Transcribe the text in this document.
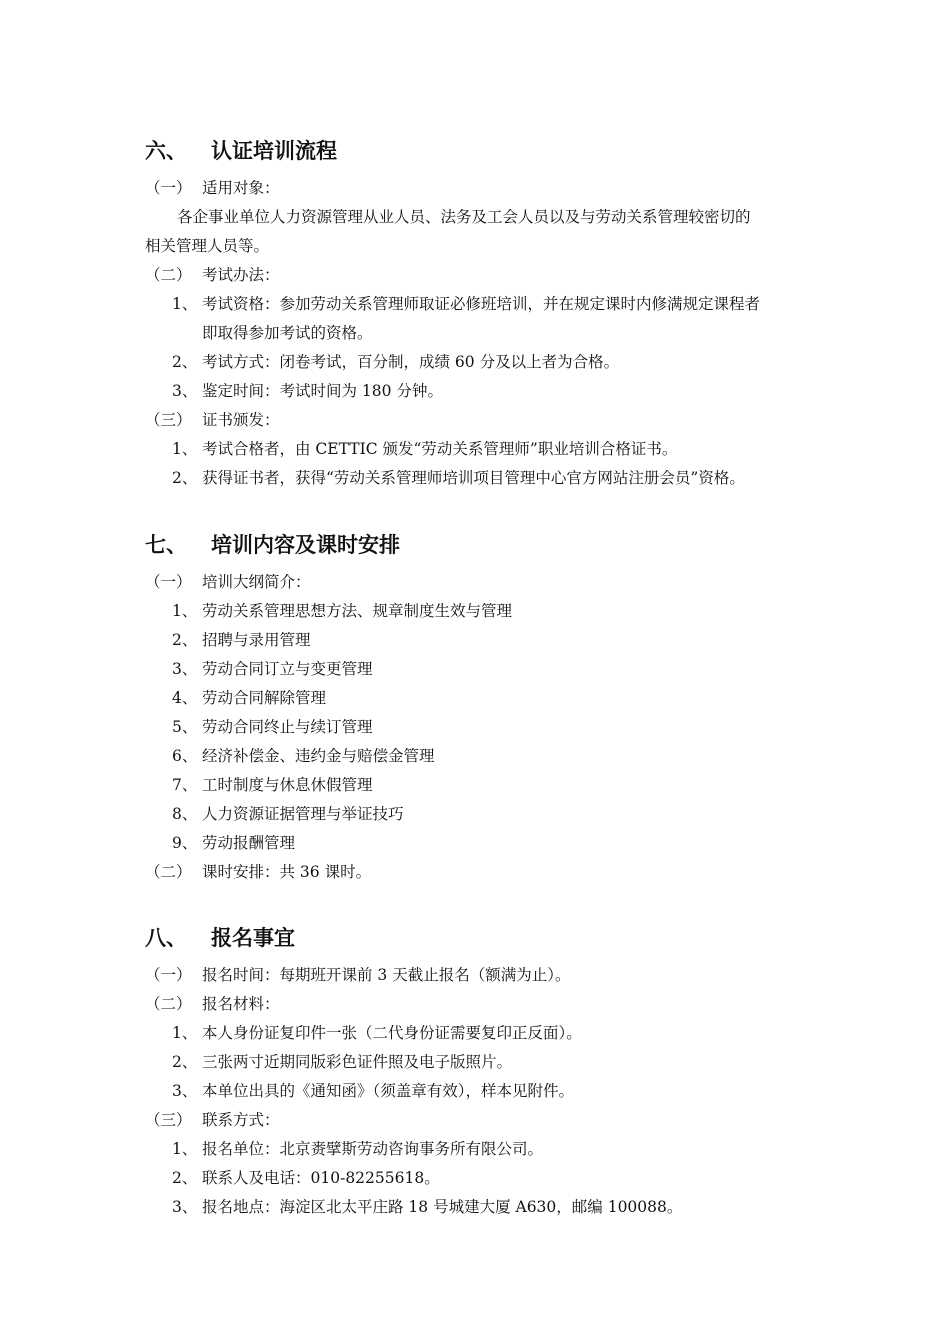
六、 认证培训流程
（一） 适用对象：
各企事业单位人力资源管理从业人员、法务及工会人员以及与劳动关系管理较密切的
相关管理人员等。
（二） 考试办法：
1、 考试资格：参加劳动关系管理师取证必修班培训，并在规定课时内修满规定课程者
即取得参加考试的资格。
2、 考试方式：闭卷考试，百分制，成绩 60 分及以上者为合格。
3、 鉴定时间：考试时间为 180 分钟。
（三） 证书颁发：
1、 考试合格者，由 CETTIC 颁发“劳动关系管理师”职业培训合格证书。
2、 获得证书者，获得“劳动关系管理师培训项目管理中心官方网站注册会员”资格。
七、 培训内容及课时安排
（一） 培训大纲简介：
1、 劳动关系管理思想方法、规章制度生效与管理
2、 招聘与录用管理
3、 劳动合同订立与变更管理
4、 劳动合同解除管理
5、 劳动合同终止与续订管理
6、 经济补偿金、违约金与赔偿金管理
7、 工时制度与休息休假管理
8、 人力资源证据管理与举证技巧
9、 劳动报酬管理
（二） 课时安排：共 36 课时。
八、 报名事宜
（一） 报名时间：每期班开课前 3 天截止报名（额满为止）。
（二） 报名材料：
1、 本人身份证复印件一张（二代身份证需要复印正反面）。
2、 三张两寸近期同版彩色证件照及电子版照片。
3、 本单位出具的《通知函》（须盖章有效），样本见附件。
（三） 联系方式：
1、 报名单位：北京赉擘斯劳动咨询事务所有限公司。
2、 联系人及电话：010-82255618。
3、 报名地点：海淀区北太平庄路 18 号城建大厦 A630，邮编 100088。
